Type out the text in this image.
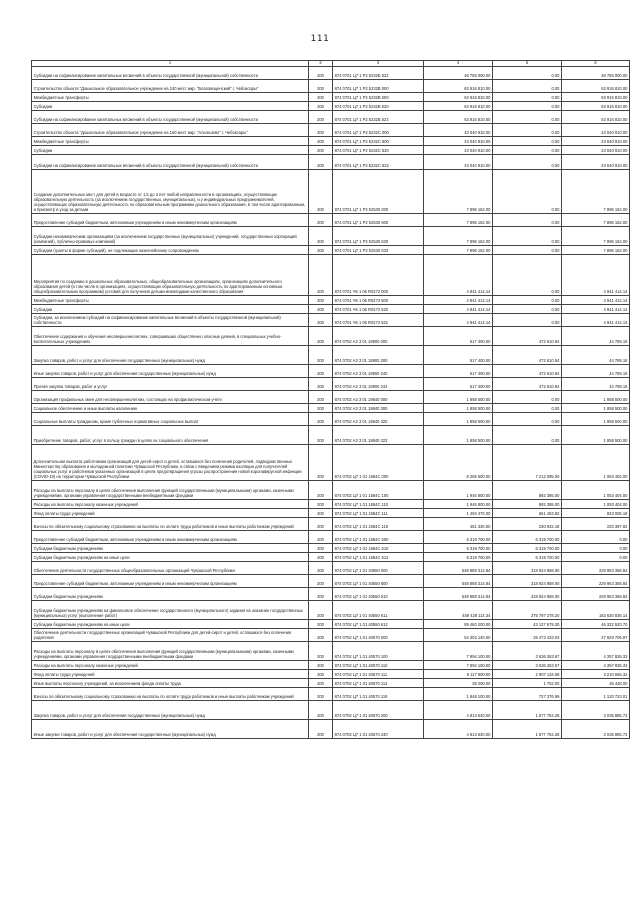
111
1	2	3	4	5	6
Субсидии на софинансирование капитальных вложений в объекты государственной (муниципальной) собственности	200	874 0701 Ц7 1 P2 5232Б 522	48 755 000.00	0.00	48 755 000.00
Строительство объекта "Дошкольное образовательное учреждение на 240 мест мкр. "Благовещенский" г. Чебоксары"	200	874 0701 Ц7 1 P2 5232В 000	63 916 810.00	0.00	63 916 810.00
Межбюджетные трансферты	200	874 0701 Ц7 1 P2 5232В 500	63 916 810.00	0.00	63 916 810.00
Субсидии	200	874 0701 Ц7 1 P2 5232В 520	63 916 810.00	0.00	63 916 810.00
Субсидии на софинансирование капитальных вложений в объекты государственной (муниципальной) собственности	200	874 0701 Ц7 1 P2 5232В 522	63 916 810.00	0.00	63 916 810.00
Строительство объекта "Дошкольное образовательное учреждение на 160 мест мкр. "Альгешево" г. Чебоксары"	200	874 0701 Ц7 1 P2 5232С 000	43 040 910.00	0.00	43 040 910.00
Межбюджетные трансферты	200	874 0701 Ц7 1 P2 5232С 500	43 040 910.00	0.00	43 040 910.00
Субсидии	200	874 0701 Ц7 1 P2 5232С 520	43 040 910.00	0.00	43 040 910.00
Субсидии на софинансирование капитальных вложений в объекты государственной (муниципальной) собственности	200	874 0701 Ц7 1 P2 5232С 522	43 040 910.00	0.00	43 040 910.00
Создание дополнительных мест для детей в возрасте от 1,5 до 3 лет любой направленности в организациях, осуществляющих образовательную деятельность (за исключением государственных, муниципальных), и у индивидуальных предпринимателей, осуществляющих образовательную деятельность по образовательным программам дошкольного образования, в том числе адаптированным, и присмотр и уход за детьми	200	874 0701 Ц7 1 P2 52530 000	7 896 162.00	0.00	7 896 162.00
Предоставление субсидий бюджетным, автономным учреждениям и иным некоммерческим организациям	200	874 0701 Ц7 1 P2 52530 600	7 896 162.00	0.00	7 896 162.00
Субсидии некоммерческим организациям (за исключением государственных (муниципальных) учреждений, государственных корпораций (компаний), публично-правовых компаний)	200	874 0701 Ц7 1 P2 52530 630	7 896 162.00	0.00	7 896 162.00
Субсидии (гранты в форме субсидий), не подлежащие казначейскому сопровождению	200	874 0701 Ц7 1 P2 52530 633	7 896 162.00	0.00	7 896 162.00
Мероприятия по созданию в дошкольных образовательных, общеобразовательных организациях, организациях дополнительного образования детей (в том числе в организациях, осуществляющих образовательную деятельность по адаптированным основным общеобразовательным программам) условий для получения детьми-инвалидами качественного образования	200	874 0701 Ч6 1 06 R0272 000	4 941 414.14	0.00	4 941 414.14
Межбюджетные трансферты	200	874 0701 Ч6 1 06 R0272 500	4 941 414.14	0.00	4 941 414.14
Субсидии	200	874 0701 Ч6 1 06 R0272 520	4 941 414.14	0.00	4 941 414.14
Субсидии, за исключением субсидий на софинансирование капитальных вложений в объекты государственной (муниципальной) собственности	200	874 0701 Ч6 1 06 R0272 521	4 941 414.14	0.00	4 941 414.14
Обеспечение содержания и обучения несовершеннолетних, совершивших общественно опасные деяния, в специальных учебно-воспитательных учреждениях	200	874 0702 А3 3 01 18900 000	517 400.00	472 610.84	44 789.16
Закупка товаров, работ и услуг для обеспечения государственных (муниципальных) нужд	200	874 0702 А3 3 01 18900 200	517 400.00	472 610.84	44 789.16
Иные закупки товаров, работ и услуг для обеспечения государственных (муниципальных) нужд	200	874 0702 А3 3 01 18900 240	517 400.00	472 610.84	44 789.16
Прочая закупка товаров, работ и услуг	200	874 0702 А3 3 01 18900 244	517 400.00	472 610.84	44 789.16
Организация профильных смен для несовершеннолетних, состоящих на профилактическом учете	200	874 0702 А3 3 01 19840 000	1 858 500.00	0.00	1 858 500.00
Социальное обеспечение и иные выплаты населению	200	874 0702 А3 3 01 19840 300	1 858 500.00	0.00	1 858 500.00
Социальные выплаты гражданам, кроме публичных нормативных социальных выплат	200	874 0702 А3 3 01 19840 320	1 858 500.00	0.00	1 858 500.00
Приобретение товаров, работ, услуг в пользу граждан в целях их социального обеспечения	200	874 0702 А3 3 01 19840 323	1 858 500.00	0.00	1 858 500.00
Дополнительная выплата работникам организаций для детей-сирот и детей, оставшихся без попечения родителей, подведомственных Министерству образования и молодежной политики Чувашской Республики, в связи с введением режима изоляции для получателей социальных услуг и работников указанных организаций в целях предотвращения угрозы распространения новой коронавирусной инфекции (COVID-19) на территории Чувашской Республики	200	874 0702 Ц7 1 01 1584С 000	8 265 500.00	7 212 095.00	1 053 404.00
Расходы на выплаты персоналу в целях обеспечения выполнения функций государственными (муниципальными) органами, казенными учреждениями, органами управления государственными внебюджетными фондами	200	874 0702 Ц7 1 01 1584С 100	1 946 800.00	892 395.00	1 053 404.00
Расходы на выплаты персоналу казенных учреждений	200	874 0702 Ц7 1 01 1584С 110	1 946 800.00	892 395.00	1 053 404.00
Фонд оплаты труда учреждений	200	874 0702 Ц7 1 01 1584С 111	1 494 470.00	661 463.82	833 006.18
Взносы по обязательному социальному страхованию на выплаты по оплате труда работников и иные выплаты работникам учреждений	200	874 0702 Ц7 1 01 1584С 119	451 330.00	230 932.18	220 397.82
Предоставление субсидий бюджетным, автономным учреждениям и иным некоммерческим организациям	200	874 0702 Ц7 1 01 1584С 600	6 319 700.00	6 319 700.00	0.00
Субсидии бюджетным учреждениям	200	874 0702 Ц7 1 01 1584С 610	6 319 700.00	6 319 700.00	0.00
Субсидии бюджетным учреждениям на иные цели	200	874 0702 Ц7 1 01 1584С 612	6 319 700.00	6 319 700.00	0.00
Обеспечение деятельности государственных общеобразовательных организаций Чувашской Республики	200	874 0702 Ц7 1 01 40550 000	548 888 314.84	318 924 958.00	229 963 356.84
Предоставление субсидий бюджетным, автономным учреждениям и иным некоммерческим организациям	200	874 0702 Ц7 1 01 40550 600	548 888 314.84	318 924 958.00	229 963 356.84
Субсидии бюджетным учреждениям	200	874 0702 Ц7 1 01 40550 610	548 888 314.84	318 924 958.00	229 963 356.84
Субсидии бюджетным учреждениям на финансовое обеспечение государственного (муниципального) задания на оказание государственных (муниципальных) услуг (выполнение работ)	200	874 0702 Ц7 1 01 40550 611	459 428 114.34	275 797 278.20	183 630 836.14
Субсидии бюджетным учреждениям на иные цели	200	874 0702 Ц7 1 01 40550 612	89 460 200.00	43 127 679.30	46 332 520.70
Обеспечение деятельности государственных организаций Чувашской Республики для детей-сирот и детей, оставшихся без попечения родителей	200	874 0702 Ц7 1 01 40570 000	54 303 140.00	26 473 433.03	27 829 706.97
Расходы на выплаты персоналу в целях обеспечения выполнения функций государственными (муниципальными) органами, казенными учреждениями, органами управления государственными внебюджетными фондами	200	874 0702 Ц7 1 01 40570 100	7 994 100.00	3 636 263.67	4 357 836.33
Расходы на выплаты персоналу казенных учреждений	200	874 0702 Ц7 1 01 40570 110	7 994 100.00	3 636 263.67	4 357 836.33
Фонд оплаты труда учреждений	200	874 0702 Ц7 1 01 40570 111	6 117 800.00	2 907 134.68	3 210 665.32
Иные выплаты персоналу учреждений, за исключением фонда оплаты труда	200	874 0702 Ц7 1 01 40570 112	28 200.00	1 752.00	26 448.00
Взносы по обязательному социальному страхованию на выплаты по оплате труда работников и иные выплаты работникам учреждений	200	874 0702 Ц7 1 01 40570 119	1 848 100.00	727 376.99	1 120 723.01
Закупка товаров, работ и услуг для обеспечения государственных (муниципальных) нужд	200	874 0702 Ц7 1 01 40570 200	4 913 640.00	1 877 754.28	3 035 885.72
Иные закупки товаров, работ и услуг для обеспечения государственных (муниципальных) нужд	200	874 0702 Ц7 1 01 40570 240	4 913 640.00	1 877 754.28	3 035 885.72
